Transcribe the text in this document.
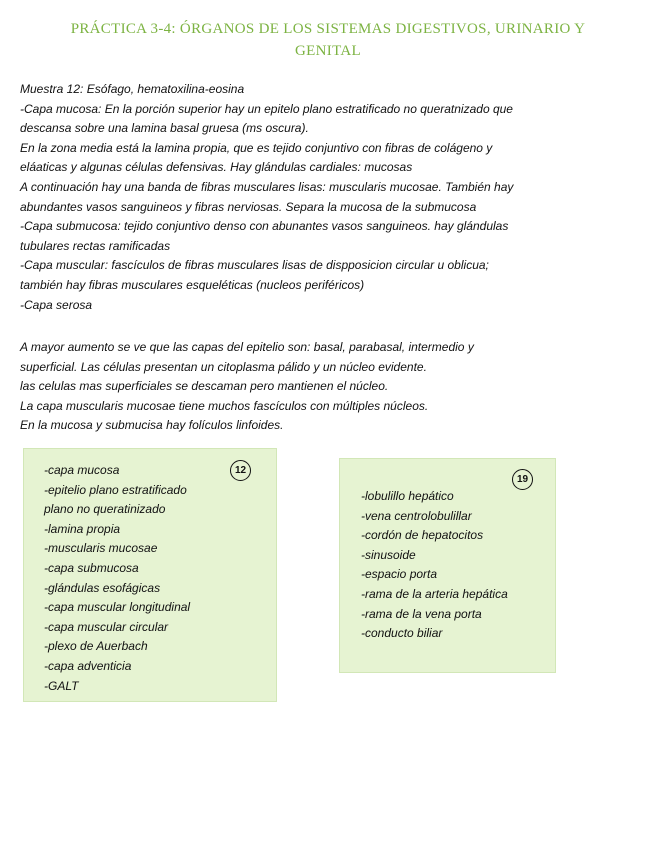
PRÁCTICA 3-4: ÓRGANOS DE LOS SISTEMAS DIGESTIVOS, URINARIO Y
GENITAL
Muestra 12: Esófago, hematoxilina-eosina
-Capa mucosa: En la porción superior hay un epitelo plano estratificado no queratnizado que
descansa sobre una lamina basal gruesa (ms oscura).
En la zona media está la lamina propia, que es tejido conjuntivo con fibras de colágeno y
eláaticas y algunas células defensivas. Hay glándulas cardiales: mucosas
A continuación hay una banda de fibras musculares lisas: muscularis mucosae. También hay
abundantes vasos sanguineos y fibras nerviosas. Separa la mucosa de la submucosa
-Capa submucosa: tejido conjuntivo denso con abunantes vasos sanguineos. hay glándulas
tubulares rectas ramificadas
-Capa muscular: fascículos de fibras musculares lisas de dispposicion circular u oblicua;
también hay fibras musculares esqueléticas (nucleos periféricos)
-Capa serosa
A mayor aumento se ve que las capas del epitelio son: basal, parabasal, intermedio y
superficial. Las células presentan un citoplasma pálido y un núcleo evidente.
las celulas mas superficiales se descaman pero mantienen el núcleo.
La capa muscularis mucosae tiene muchos fascículos con múltiples núcleos.
En la mucosa y submucisa hay folículos linfoides.
12
-capa mucosa
-epitelio plano estratificado
plano no queratinizado
-lamina propia
-muscularis mucosae
-capa submucosa
-glándulas esofágicas
-capa muscular longitudinal
-capa muscular circular
-plexo de Auerbach
-capa adventicia
-GALT
19
-lobulillo hepático
-vena centrolobulillar
-cordón de hepatocitos
-sinusoide
-espacio porta
-rama de la arteria hepática
-rama de la vena porta
-conducto biliar
